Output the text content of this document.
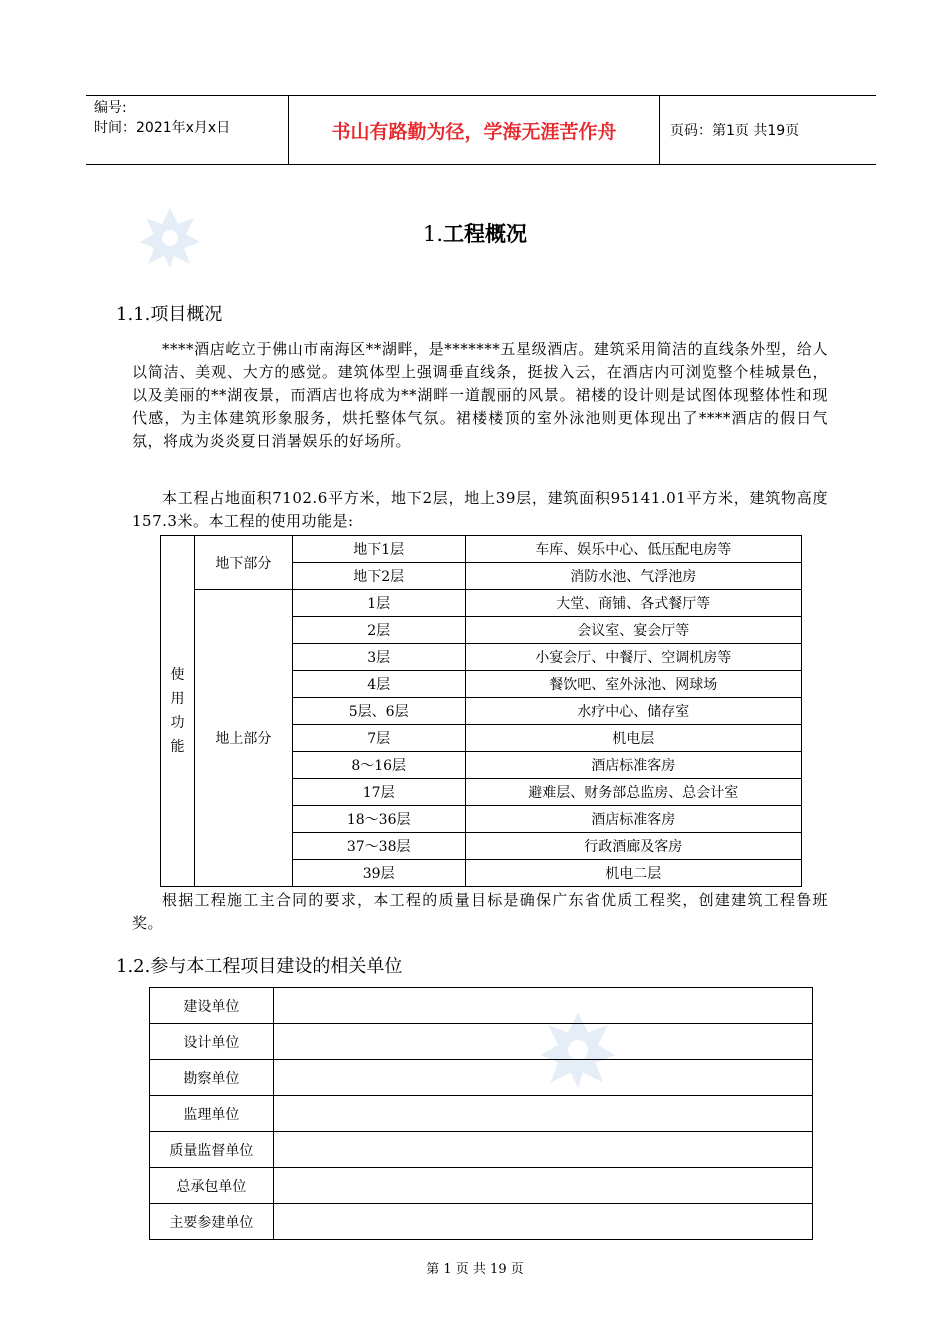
编号:
时间：2021年x月x日	书山有路勤为径，学海无涯苦作舟	页码：第1页 共19页
1.工程概况
1.1.项目概况

****酒店屹立于佛山市南海区**湖畔，是*******五星级酒店。建筑采用简洁的直线条外型，给人以简洁、美观、大方的感觉。建筑体型上强调垂直线条，挺拔入云，在酒店内可浏览整个桂城景色，以及美丽的**湖夜景，而酒店也将成为**湖畔一道靓丽的风景。裙楼的设计则是试图体现整体性和现代感，为主体建筑形象服务，烘托整体气氛。裙楼楼顶的室外泳池则更体现出了****酒店的假日气氛，将成为炎炎夏日消暑娱乐的好场所。

本工程占地面积7102.6平方米，地下2层，地上39层，建筑面积95141.01平方米，建筑物高度157.3米。本工程的使用功能是:

使用功能	地下部分	地下1层	车库、娱乐中心、低压配电房等
		地下2层	消防水池、气浮池房
	地上部分	1层	大堂、商铺、各式餐厅等
		2层	会议室、宴会厅等
		3层	小宴会厅、中餐厅、空调机房等
		4层	餐饮吧、室外泳池、网球场
		5层、6层	水疗中心、储存室
		7层	机电层
		8～16层	酒店标准客房
		17层	避难层、财务部总监房、总会计室
		18～36层	酒店标准客房
		37～38层	行政酒廊及客房
		39层	机电二层

根据工程施工主合同的要求，本工程的质量目标是确保广东省优质工程奖，创建建筑工程鲁班奖。

1.2.参与本工程项目建设的相关单位
建设单位	
设计单位	
勘察单位	
监理单位	
质量监督单位	
总承包单位	
主要参建单位	
第 1 页 共 19 页
